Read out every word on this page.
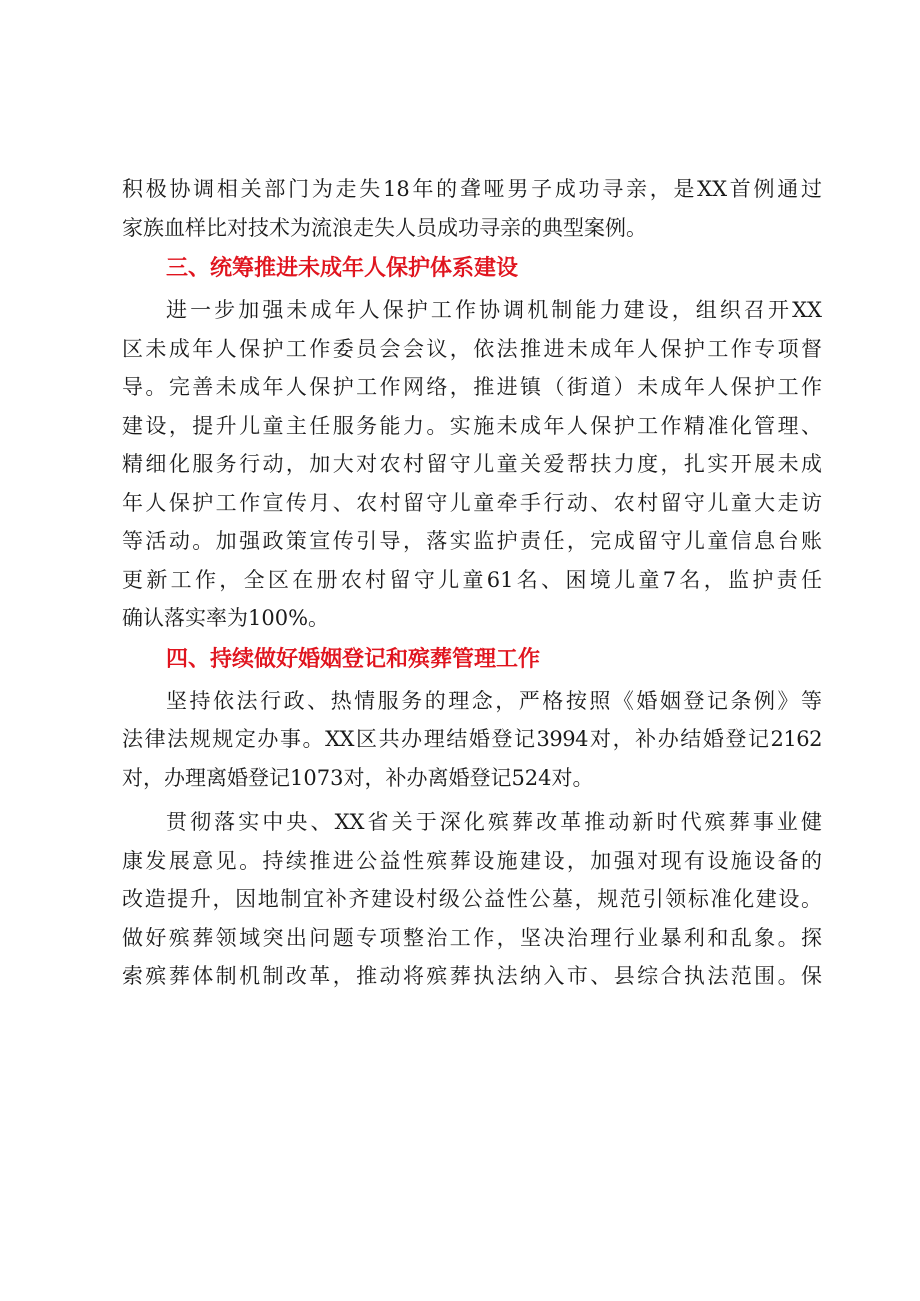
积极协调相关部门为走失18年的聋哑男子成功寻亲，是XX首例通过
家族血样比对技术为流浪走失人员成功寻亲的典型案例。
三、统筹推进未成年人保护体系建设
进一步加强未成年人保护工作协调机制能力建设，组织召开XX
区未成年人保护工作委员会会议，依法推进未成年人保护工作专项督
导。完善未成年人保护工作网络，推进镇（街道）未成年人保护工作
建设，提升儿童主任服务能力。实施未成年人保护工作精准化管理、
精细化服务行动，加大对农村留守儿童关爱帮扶力度，扎实开展未成
年人保护工作宣传月、农村留守儿童牵手行动、农村留守儿童大走访
等活动。加强政策宣传引导，落实监护责任，完成留守儿童信息台账
更新工作，全区在册农村留守儿童61名、困境儿童7名，监护责任
确认落实率为100%。
四、持续做好婚姻登记和殡葬管理工作
坚持依法行政、热情服务的理念，严格按照《婚姻登记条例》等
法律法规规定办事。XX区共办理结婚登记3994对，补办结婚登记2162
对，办理离婚登记1073对，补办离婚登记524对。
贯彻落实中央、XX省关于深化殡葬改革推动新时代殡葬事业健
康发展意见。持续推进公益性殡葬设施建设，加强对现有设施设备的
改造提升，因地制宜补齐建设村级公益性公墓，规范引领标准化建设。
做好殡葬领域突出问题专项整治工作，坚决治理行业暴利和乱象。探
索殡葬体制机制改革，推动将殡葬执法纳入市、县综合执法范围。保
